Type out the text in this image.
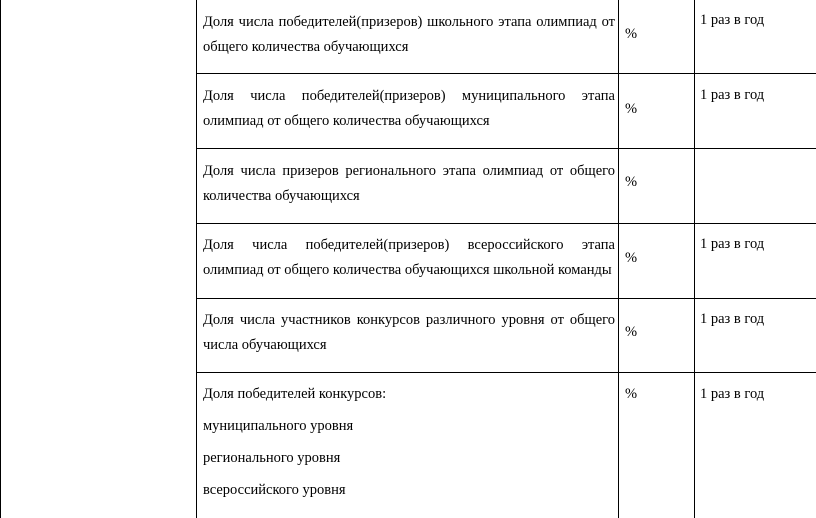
Доля числа победителей(призеров) школьного этапа олимпиад от
общего количества обучающихся
%
1 раз в год
Доля числа победителей(призеров) муниципального этапа
олимпиад от общего количества обучающихся
%
1 раз в год
Доля числа призеров регионального этапа олимпиад от общего
количества обучающихся
%
Доля числа победителей(призеров) всероссийского этапа
олимпиад от общего количества обучающихся школьной команды
%
1 раз в год
Доля числа участников конкурсов различного уровня от общего
числа обучающихся
%
1 раз в год
Доля победителей конкурсов:
муниципального уровня
регионального уровня
всероссийского уровня
%	1 раз в год
